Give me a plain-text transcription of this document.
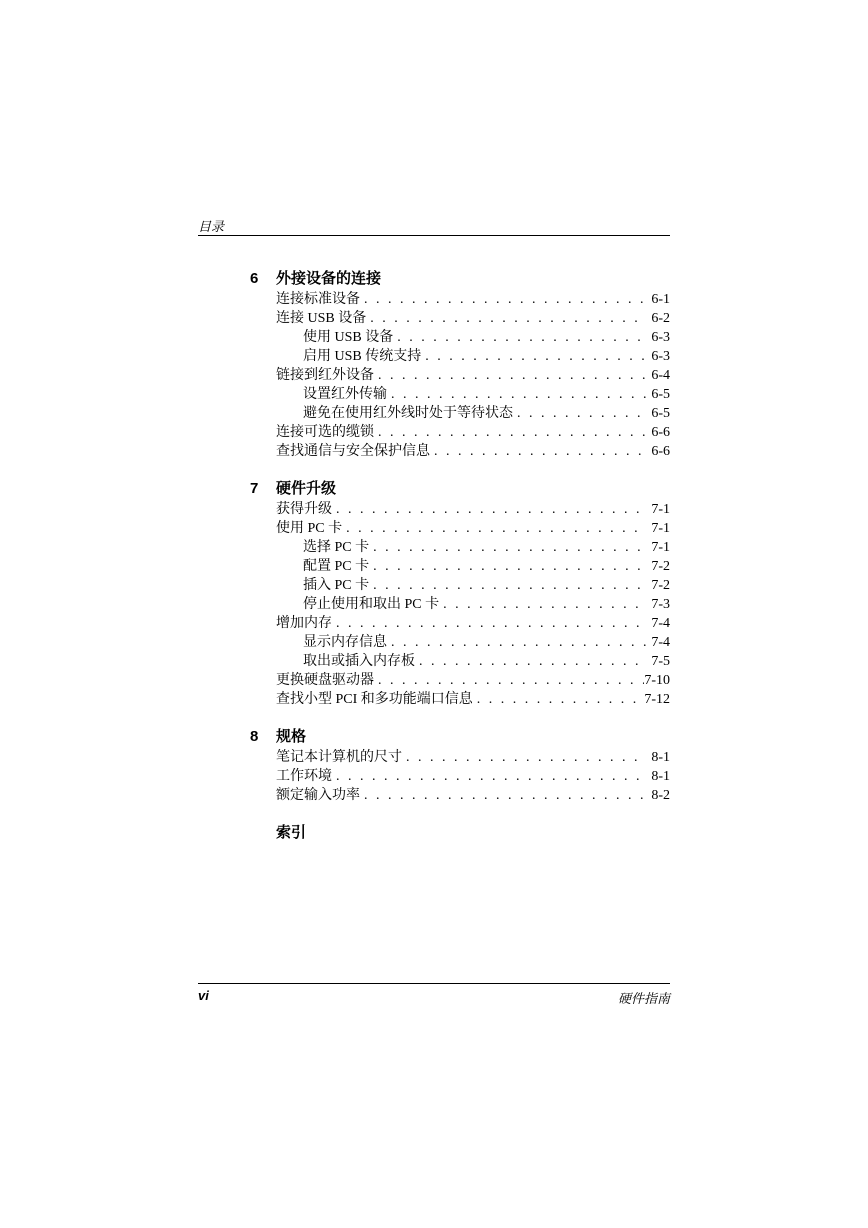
目录
6	外接设备的连接
连接标准设备 . . .	6-1
连接 USB 设备 . . .	6-2
使用 USB 设备 . . .	6-3
启用 USB 传统支持 . . .	6-3
链接到红外设备 . . .	6-4
设置红外传输 . . .	6-5
避免在使用红外线时处于等待状态 . . .	6-5
连接可选的缆锁 . . .	6-6
查找通信与安全保护信息 . . .	6-6
7	硬件升级
获得升级 . . .	7-1
使用 PC 卡 . . .	7-1
选择 PC 卡 . . .	7-1
配置 PC 卡 . . .	7-2
插入 PC 卡 . . .	7-2
停止使用和取出 PC 卡 . . .	7-3
增加内存 . . .	7-4
显示内存信息 . . .	7-4
取出或插入内存板 . . .	7-5
更换硬盘驱动器 . . .	7-10
查找小型 PCI 和多功能端口信息 . . .	7-12
8	规格
笔记本计算机的尺寸 . . .	8-1
工作环境 . . .	8-1
额定输入功率 . . .	8-2
索引
vi	硬件指南
